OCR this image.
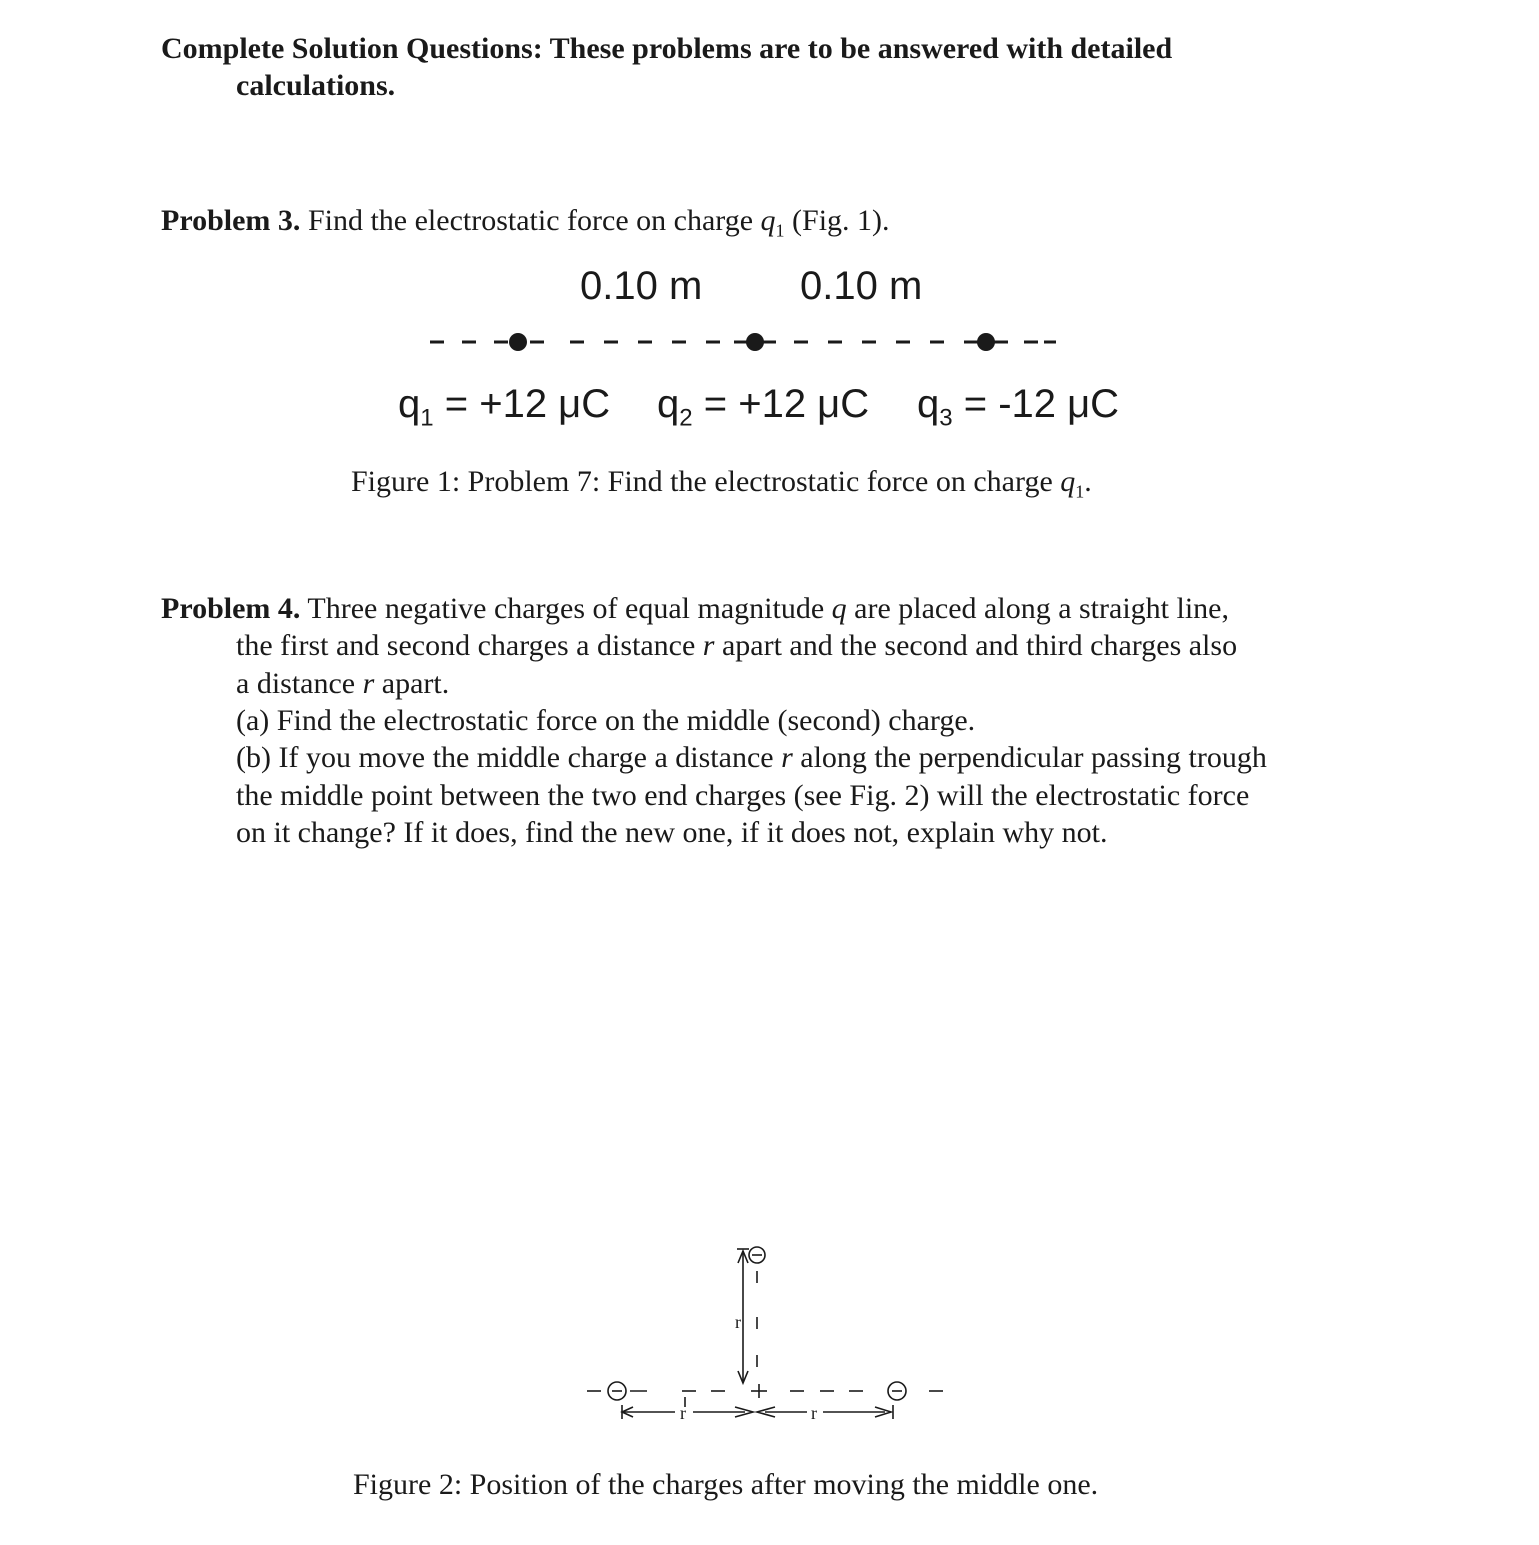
Complete Solution Questions: These problems are to be answered with detailed
calculations.
Problem 3. Find the electrostatic force on charge $q_1$ (Fig. 1).
0.10 m 0.10 m
$q_1 = +12$ μC $q_2 = +12$ μC $q_3 = -12$ μC
Figure 1: Problem 7: Find the electrostatic force on charge $q_1$.
Problem 4. Three negative charges of equal magnitude q are placed along a straight line,
the first and second charges a distance r apart and the second and third charges also
a distance r apart.
(a) Find the electrostatic force on the middle (second) charge.
(b) If you move the middle charge a distance r along the perpendicular passing trough
the middle point between the two end charges (see Fig. 2) will the electrostatic force
on it change? If it does, find the new one, if it does not, explain why not.
r
r	r
Figure 2: Position of the charges after moving the middle one.
